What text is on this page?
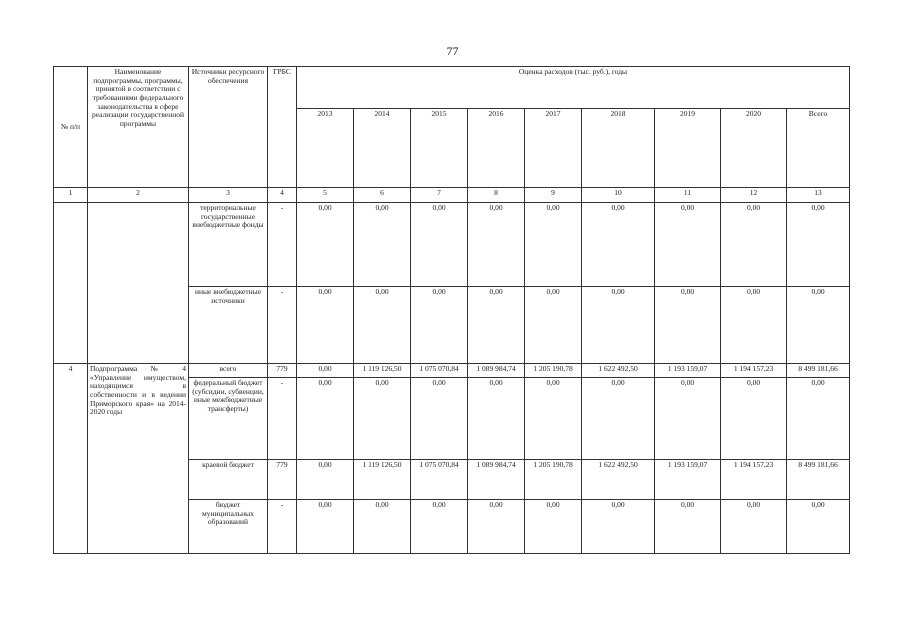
77
№ п/п	Наименование подпрограммы, программы, принятой в соответствии с требованиями федерального законодательства в сфере реализации государственной программы	Источники ресурсного обеспечения	ГРБС	Оценка расходов (тыс. руб.), годы								
				2013	2014	2015	2016	2017	2018	2019	2020	Всего
1	2	3	4	5	6	7	8	9	10	11	12	13
		территориальные государственные внебюджетные фонды	-	0,00	0,00	0,00	0,00	0,00	0,00	0,00	0,00	0,00
		иные внебюджетные источники	-	0,00	0,00	0,00	0,00	0,00	0,00	0,00	0,00	0,00
4	Подпрограмма № 4 «Управление имуществом, находящимся в собственности и в ведении Приморского края» на 2014-2020 годы	всего	779	0,00	1 119 126,50	1 075 070,84	1 089 984,74	1 205 190,78	1 622 492,50	1 193 159,07	1 194 157,23	8 499 181,66
		федеральный бюджет (субсидии, субвенции, иные межбюджетные трансферты)	-	0,00	0,00	0,00	0,00	0,00	0,00	0,00	0,00	0,00
		краевой бюджет	779	0,00	1 119 126,50	1 075 070,84	1 089 984,74	1 205 190,78	1 622 492,50	1 193 159,07	1 194 157,23	8 499 181,66
		бюджет муниципальных образований	-	0,00	0,00	0,00	0,00	0,00	0,00	0,00	0,00	0,00
